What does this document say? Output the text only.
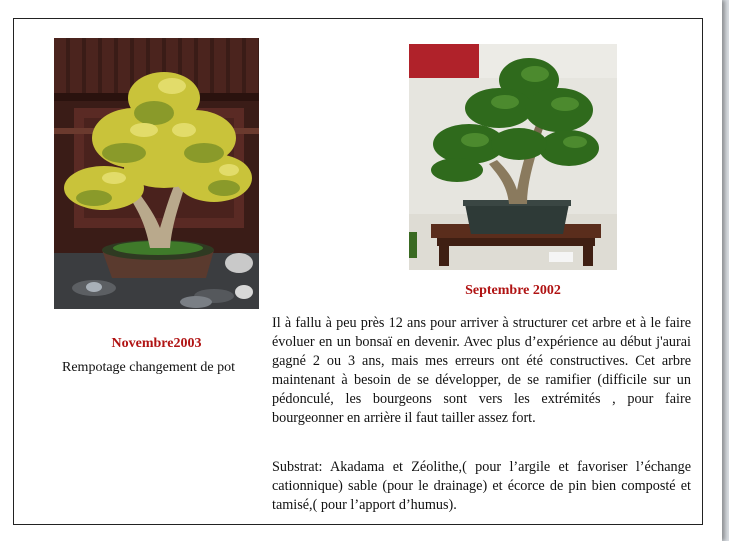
Septembre 2002
Novembre2003
Rempotage changement de pot

Il à fallu à peu près 12 ans pour arriver à structurer cet arbre et à le faire évoluer en un bonsaï en devenir. Avec plus d’expérience au début j'aurai gagné 2 ou 3 ans, mais mes erreurs ont été constructives. Cet arbre maintenant à besoin de se développer, de se ramifier (difficile sur un pédonculé, les bourgeons sont vers les extrémités , pour faire bourgeonner en arrière il faut tailler assez fort.

Substrat: Akadama et Zéolithe,( pour l’argile et favoriser l’échange cationnique) sable (pour le drainage) et écorce de pin bien composté et tamisé,( pour l’apport d’humus).
